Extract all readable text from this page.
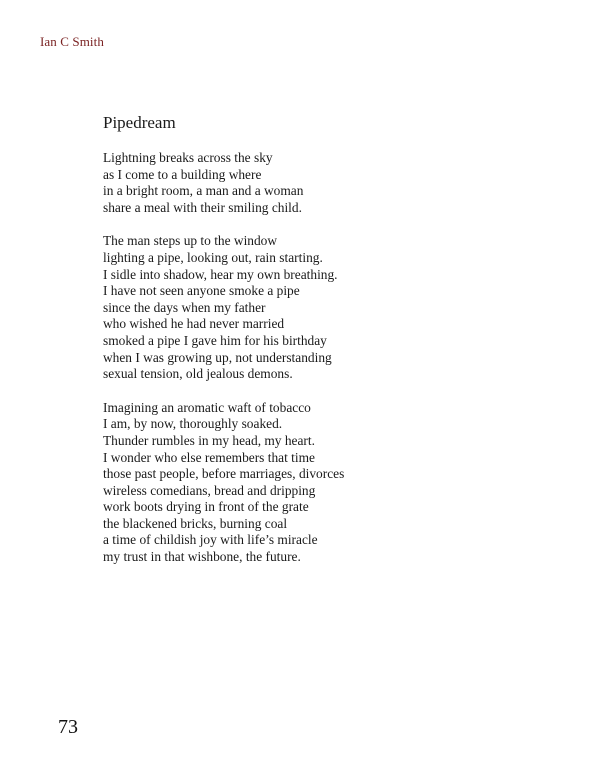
Ian C Smith
Pipedream
Lightning breaks across the sky
as I come to a building where
in a bright room, a man and a woman
share a meal with their smiling child.
The man steps up to the window
lighting a pipe, looking out, rain starting.
I sidle into shadow, hear my own breathing.
I have not seen anyone smoke a pipe
since the days when my father
who wished he had never married
smoked a pipe I gave him for his birthday
when I was growing up, not understanding
sexual tension, old jealous demons.
Imagining an aromatic waft of tobacco
I am, by now, thoroughly soaked.
Thunder rumbles in my head, my heart.
I wonder who else remembers that time
those past people, before marriages, divorces
wireless comedians, bread and dripping
work boots drying in front of the grate
the blackened bricks, burning coal
a time of childish joy with life’s miracle
my trust in that wishbone, the future.
73
